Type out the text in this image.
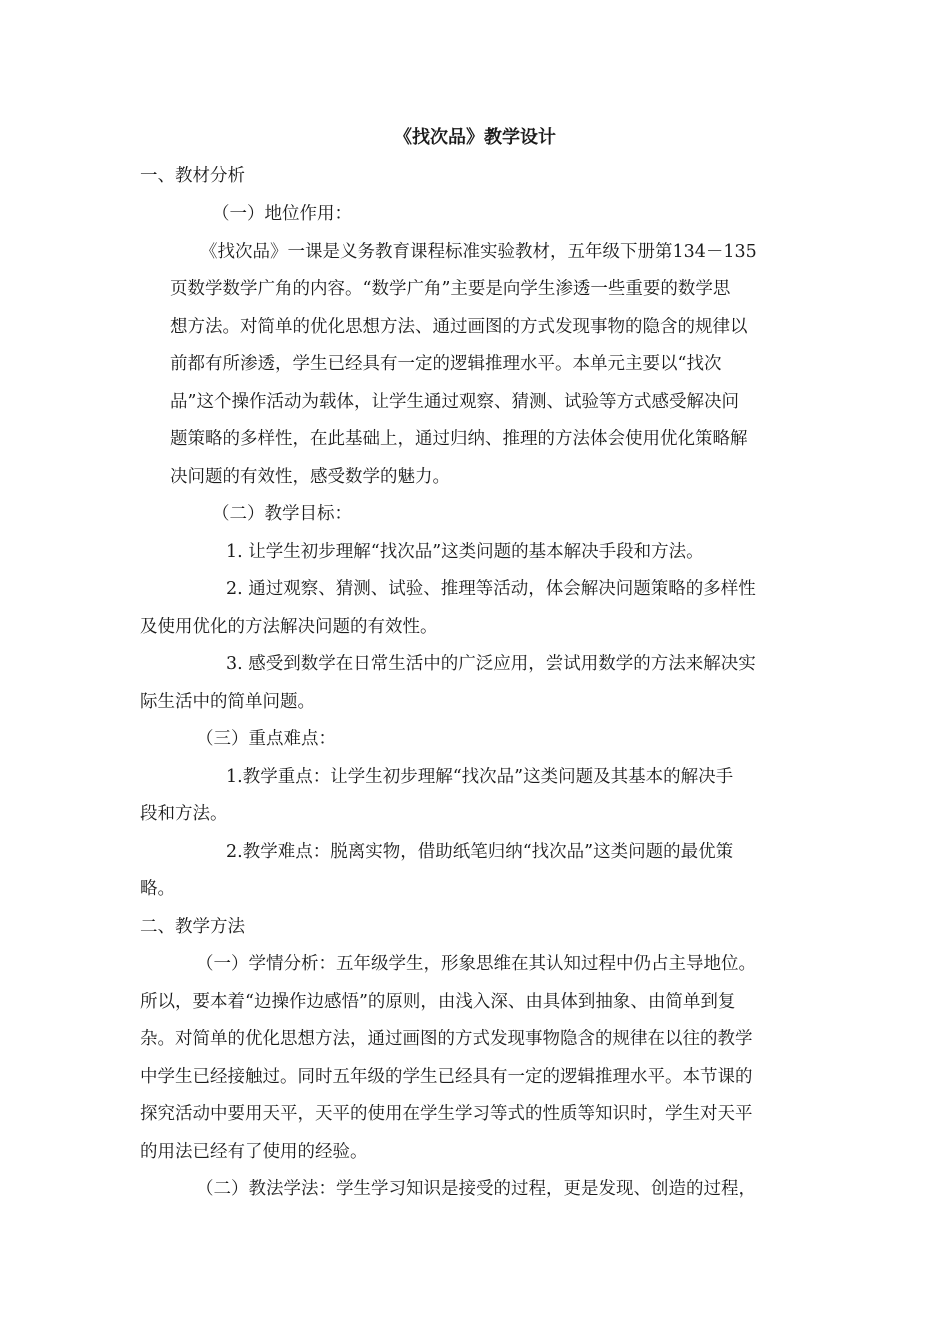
《找次品》教学设计
一、教材分析
（一）地位作用：
《找次品》一课是义务教育课程标准实验教材，五年级下册第134－135
页数学数学广角的内容。“数学广角”主要是向学生渗透一些重要的数学思
想方法。对简单的优化思想方法、通过画图的方式发现事物的隐含的规律以
前都有所渗透，学生已经具有一定的逻辑推理水平。本单元主要以“找次
品”这个操作活动为载体，让学生通过观察、猜测、试验等方式感受解决问
题策略的多样性，在此基础上，通过归纳、推理的方法体会使用优化策略解
决问题的有效性，感受数学的魅力。
（二）教学目标：
1. 让学生初步理解“找次品”这类问题的基本解决手段和方法。
2. 通过观察、猜测、试验、推理等活动，体会解决问题策略的多样性
及使用优化的方法解决问题的有效性。
3. 感受到数学在日常生活中的广泛应用，尝试用数学的方法来解决实
际生活中的简单问题。
（三）重点难点：
1.教学重点：让学生初步理解“找次品”这类问题及其基本的解决手
段和方法。
2.教学难点：脱离实物，借助纸笔归纳“找次品”这类问题的最优策
略。
二、教学方法
（一）学情分析：五年级学生，形象思维在其认知过程中仍占主导地位。
所以，要本着“边操作边感悟”的原则，由浅入深、由具体到抽象、由简单到复
杂。对简单的优化思想方法，通过画图的方式发现事物隐含的规律在以往的教学
中学生已经接触过。同时五年级的学生已经具有一定的逻辑推理水平。本节课的
探究活动中要用天平，天平的使用在学生学习等式的性质等知识时，学生对天平
的用法已经有了使用的经验。
（二）教法学法：学生学习知识是接受的过程，更是发现、创造的过程，
